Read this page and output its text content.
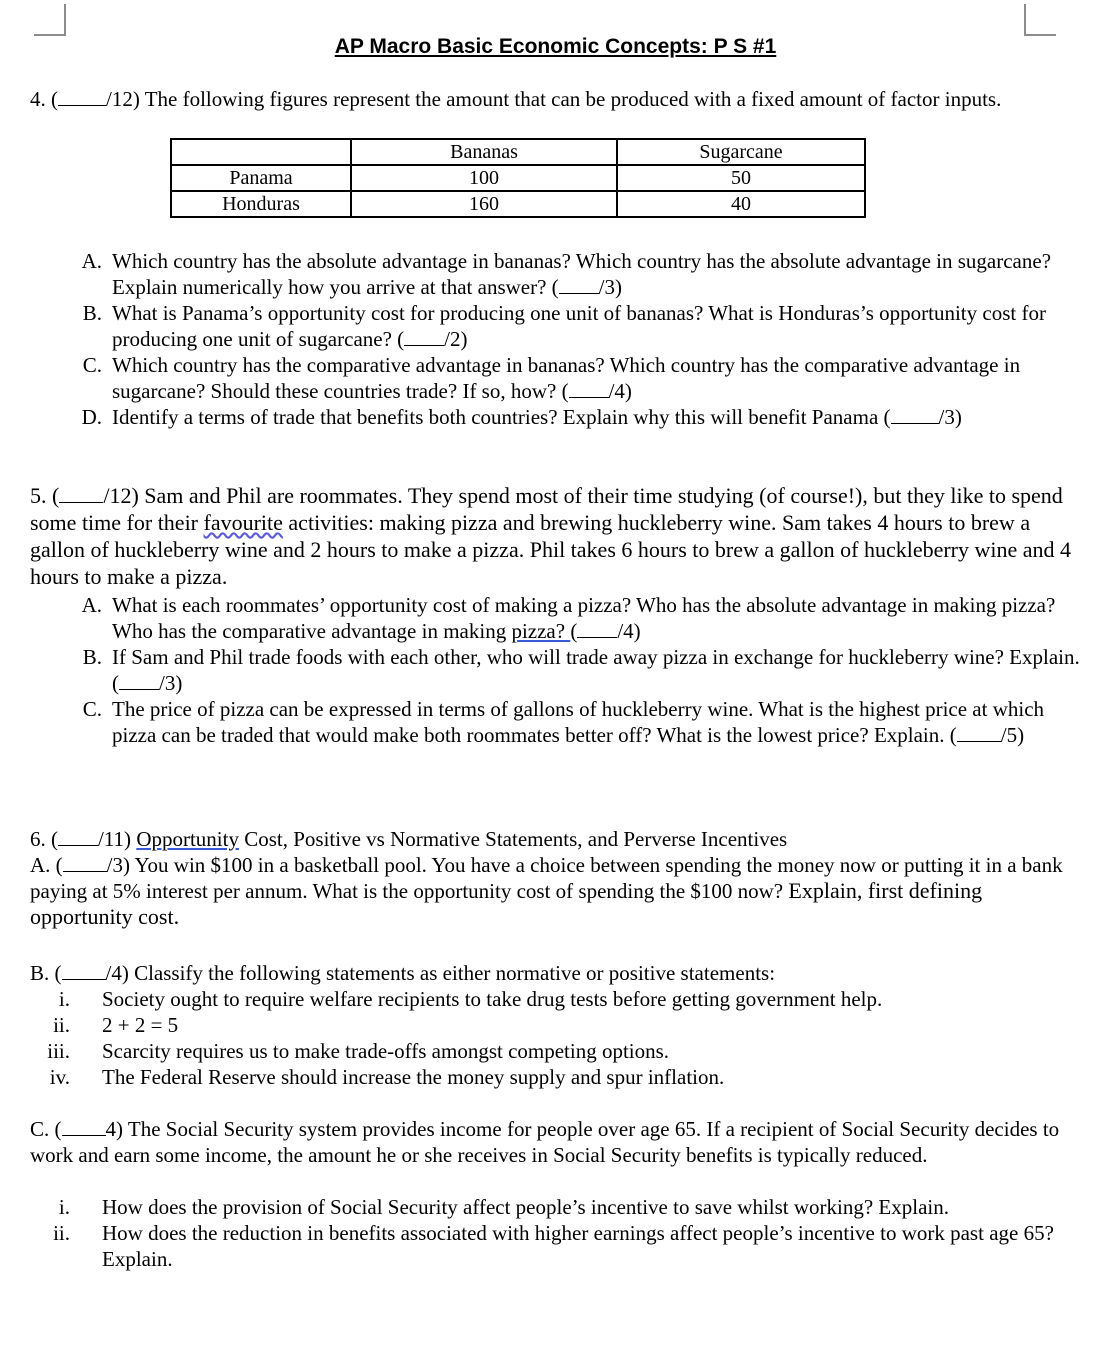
AP Macro Basic Economic Concepts: P S #1
4. ( /12) The following figures represent the amount that can be produced with a fixed amount of factor inputs.
	Bananas	Sugarcane
Panama	100	50
Honduras	160	40
A. Which country has the absolute advantage in bananas? Which country has the absolute advantage in sugarcane? Explain numerically how you arrive at that answer? ( /3)
B. What is Panama’s opportunity cost for producing one unit of bananas? What is Honduras’s opportunity cost for producing one unit of sugarcane? ( /2)
C. Which country has the comparative advantage in bananas? Which country has the comparative advantage in sugarcane? Should these countries trade? If so, how? ( /4)
D. Identify a terms of trade that benefits both countries? Explain why this will benefit Panama ( /3)
5. ( /12) Sam and Phil are roommates. They spend most of their time studying (of course!), but they like to spend some time for their favourite activities: making pizza and brewing huckleberry wine. Sam takes 4 hours to brew a gallon of huckleberry wine and 2 hours to make a pizza. Phil takes 6 hours to brew a gallon of huckleberry wine and 4 hours to make a pizza.
A. What is each roommates’ opportunity cost of making a pizza? Who has the absolute advantage in making pizza? Who has the comparative advantage in making pizza? ( /4)
B. If Sam and Phil trade foods with each other, who will trade away pizza in exchange for huckleberry wine? Explain. ( /3)
C. The price of pizza can be expressed in terms of gallons of huckleberry wine. What is the highest price at which pizza can be traded that would make both roommates better off? What is the lowest price? Explain. ( /5)
6. ( /11) Opportunity Cost, Positive vs Normative Statements, and Perverse Incentives
A. ( /3) You win $100 in a basketball pool. You have a choice between spending the money now or putting it in a bank paying at 5% interest per annum. What is the opportunity cost of spending the $100 now? Explain, first defining opportunity cost.
B. ( /4) Classify the following statements as either normative or positive statements:
i.	Society ought to require welfare recipients to take drug tests before getting government help.
ii.	2 + 2 = 5
iii.	Scarcity requires us to make trade-offs amongst competing options.
iv.	The Federal Reserve should increase the money supply and spur inflation.
C. ( 4) The Social Security system provides income for people over age 65. If a recipient of Social Security decides to work and earn some income, the amount he or she receives in Social Security benefits is typically reduced.
i.	How does the provision of Social Security affect people’s incentive to save whilst working? Explain.
ii.	How does the reduction in benefits associated with higher earnings affect people’s incentive to work past age 65? Explain.
